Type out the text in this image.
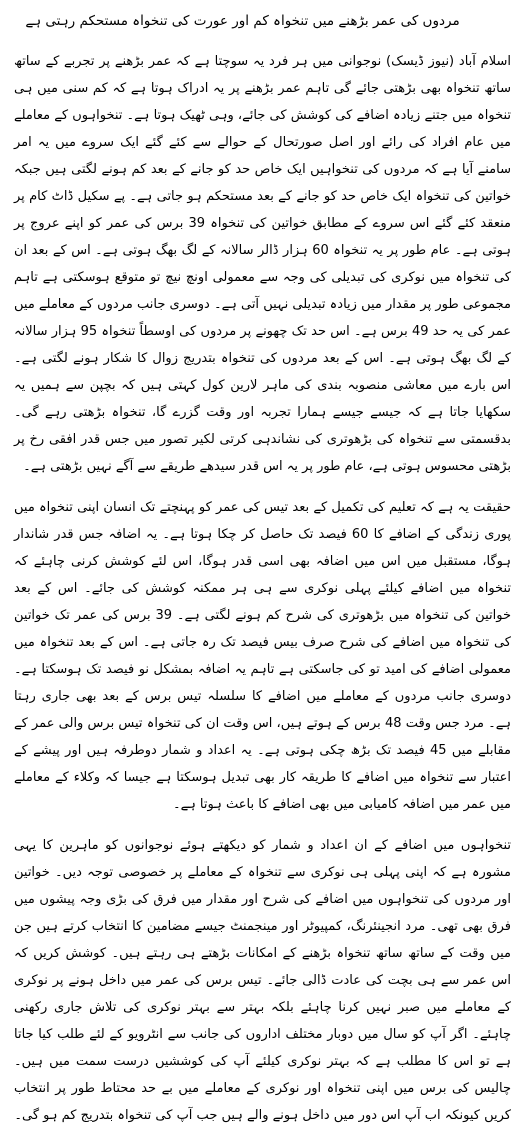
مردوں کی عمر بڑھنے میں تنخواہ کم اور عورت کی تنخواہ مستحکم رہتی ہے

اسلام آباد (نیوز ڈیسک) نوجوانی میں ہر فرد یہ سوچتا ہے کہ عمر بڑھنے پر تجربے کے ساتھ ساتھ تنخواہ بھی بڑھتی جائے گی تاہم عمر بڑھنے پر یہ ادراک ہوتا ہے کہ کم سنی میں ہی تنخواہ میں جتنے زیادہ اضافے کی کوشش کی جائے، وہی ٹھیک ہوتا ہے۔ تنخواہوں کے معاملے میں عام افراد کی رائے اور اصل صورتحال کے حوالے سے کئے گئے ایک سروے میں یہ امر سامنے آیا ہے کہ مردوں کی تنخواہیں ایک خاص حد کو جانے کے بعد کم ہونے لگتی ہیں جبکہ خواتین کی تنخواہ ایک خاص حد کو جانے کے بعد مستحکم ہو جاتی ہے۔ پے سکیل ڈاٹ کام پر منعقد کئے گئے اس سروے کے مطابق خواتین کی تنخواہ 39 برس کی عمر کو اپنے عروج پر ہوتی ہے۔ عام طور پر یہ تنخواہ 60 ہزار ڈالر سالانہ کے لگ بھگ ہوتی ہے۔ اس کے بعد ان کی تنخواہ میں نوکری کی تبدیلی کی وجہ سے معمولی اونچ نیچ تو متوقع ہوسکتی ہے تاہم مجموعی طور پر مقدار میں زیادہ تبدیلی نہیں آتی ہے۔ دوسری جانب مردوں کے معاملے میں عمر کی یہ حد 49 برس ہے۔ اس حد تک چھونے پر مردوں کی اوسطاً تنخواہ 95 ہزار سالانہ کے لگ بھگ ہوتی ہے۔ اس کے بعد مردوں کی تنخواہ بتدریج زوال کا شکار ہونے لگتی ہے۔ اس بارے میں معاشی منصوبہ بندی کی ماہر لارین کول کہتی ہیں کہ بچپن سے ہمیں یہ سکھایا جاتا ہے کہ جیسے جیسے ہمارا تجربہ اور وقت گزرے گا، تنخواہ بڑھتی رہے گی۔ بدقسمتی سے تنخواہ کی بڑھوتری کی نشاندہی کرتی لکیر تصور میں جس قدر افقی رخ پر بڑھتی محسوس ہوتی ہے، عام طور پر یہ اس قدر سیدھے طریقے سے آگے نہیں بڑھتی ہے۔

حقیقت یہ ہے کہ تعلیم کی تکمیل کے بعد تیس کی عمر کو پہنچتے تک انسان اپنی تنخواہ میں پوری زندگی کے اضافے کا 60 فیصد تک حاصل کر چکا ہوتا ہے۔ یہ اضافہ جس قدر شاندار ہوگا، مستقبل میں اس میں اضافہ بھی اسی قدر ہوگا، اس لئے کوشش کرنی چاہئے کہ تنخواہ میں اضافے کیلئے پہلی نوکری سے ہی ہر ممکنہ کوشش کی جائے۔ اس کے بعد خواتین کی تنخواہ میں بڑھوتری کی شرح کم ہونے لگتی ہے۔ 39 برس کی عمر تک خواتین کی تنخواہ میں اضافے کی شرح صرف بیس فیصد تک رہ جاتی ہے۔ اس کے بعد تنخواہ میں معمولی اضافے کی امید تو کی جاسکتی ہے تاہم یہ اضافہ بمشکل نو فیصد تک ہوسکتا ہے۔ دوسری جانب مردوں کے معاملے میں اضافے کا سلسلہ تیس برس کے بعد بھی جاری رہتا ہے۔ مرد جس وقت 48 برس کے ہوتے ہیں، اس وقت ان کی تنخواہ تیس برس والی عمر کے مقابلے میں 45 فیصد تک بڑھ چکی ہوتی ہے۔ یہ اعداد و شمار دوطرفہ ہیں اور پیشے کے اعتبار سے تنخواہ میں اضافے کا طریقہ کار بھی تبدیل ہوسکتا ہے جیسا کہ وکلاء کے معاملے میں عمر میں اضافہ کامیابی میں بھی اضافے کا باعث ہوتا ہے۔

تنخواہوں میں اضافے کے ان اعداد و شمار کو دیکھتے ہوئے نوجوانوں کو ماہرین کا یہی مشورہ ہے کہ اپنی پہلی ہی نوکری سے تنخواہ کے معاملے پر خصوصی توجہ دیں۔ خواتین اور مردوں کی تنخواہوں میں اضافے کی شرح اور مقدار میں فرق کی بڑی وجہ پیشوں میں فرق بھی تھی۔ مرد انجینئرنگ، کمپیوٹر اور مینجمنٹ جیسے مضامین کا انتخاب کرتے ہیں جن میں وقت کے ساتھ ساتھ تنخواہ بڑھنے کے امکانات بڑھتے ہی رہتے ہیں۔ کوشش کریں کہ اس عمر سے ہی بچت کی عادت ڈالی جائے۔ تیس برس کی عمر میں داخل ہونے پر نوکری کے معاملے میں صبر نہیں کرنا چاہئے بلکہ بہتر سے بہتر نوکری کی تلاش جاری رکھنی چاہئے۔ اگر آپ کو سال میں دوبار مختلف اداروں کی جانب سے انٹرویو کے لئے طلب کیا جاتا ہے تو اس کا مطلب ہے کہ بہتر نوکری کیلئے آپ کی کوششیں درست سمت میں ہیں۔ چالیس کی برس میں اپنی تنخواہ اور نوکری کے معاملے میں بے حد محتاط طور پر انتخاب کریں کیونکہ اب آپ اس دور میں داخل ہونے والے ہیں جب آپ کی تنخواہ بتدریج کم ہو گی۔
